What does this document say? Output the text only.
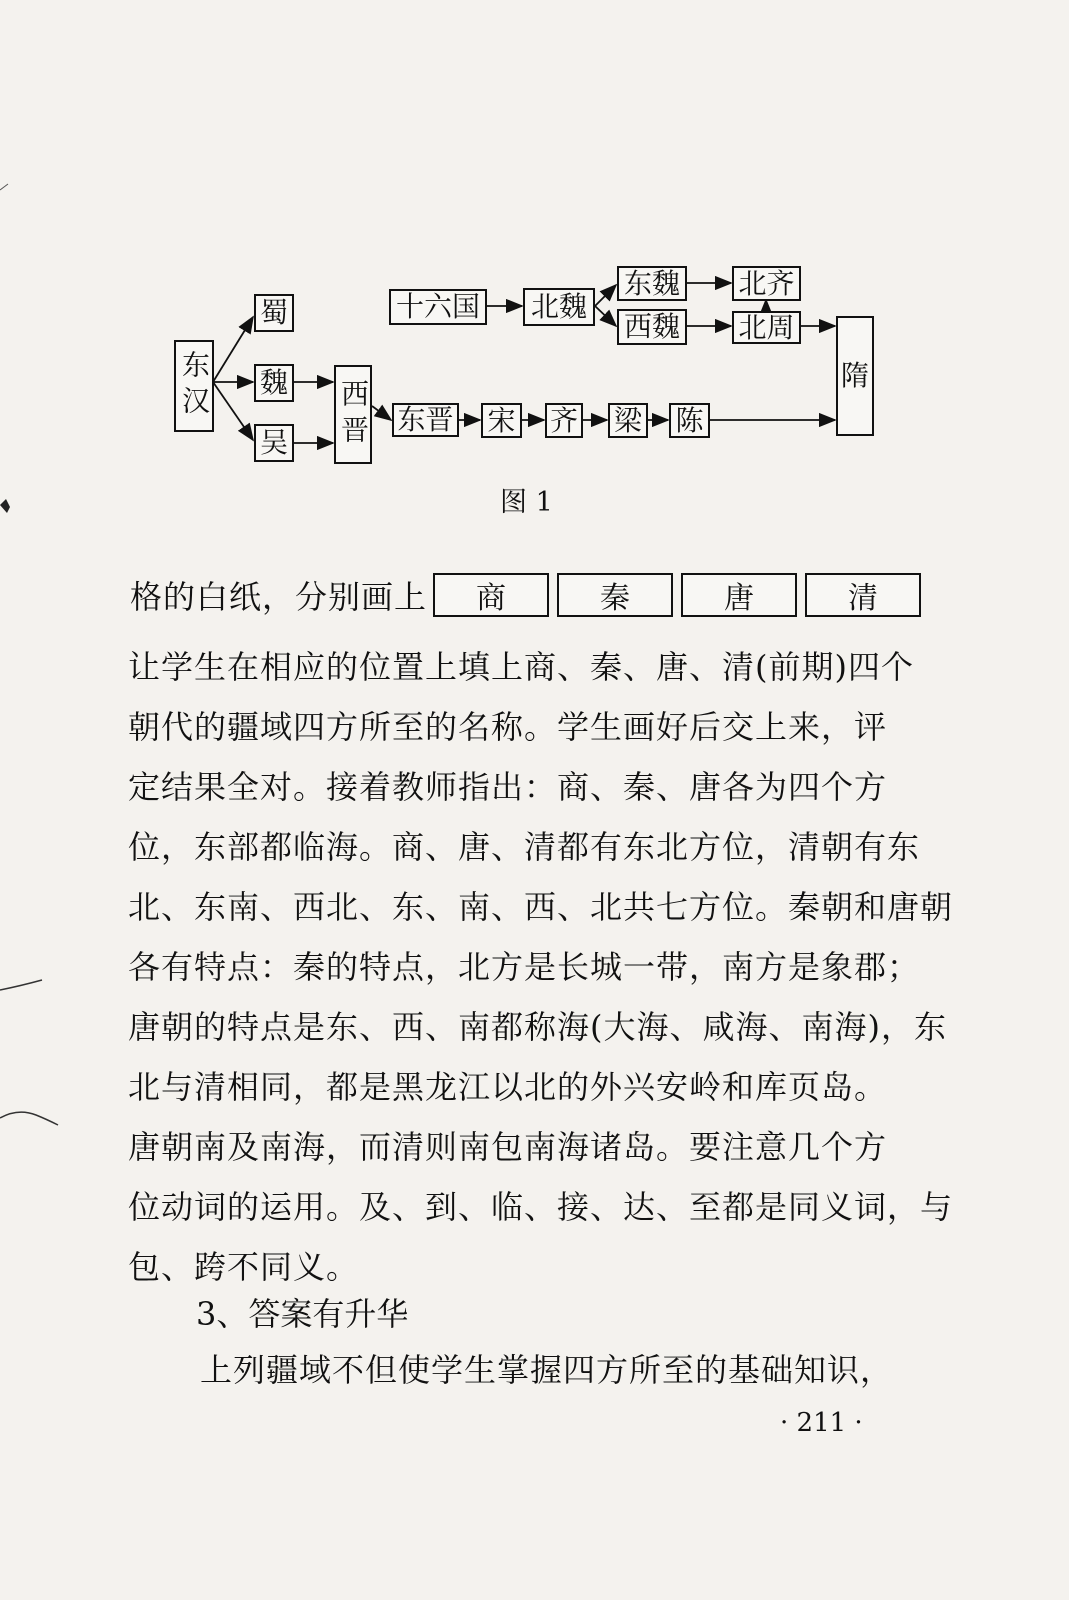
东汉
蜀
魏
吴 西晋
十六国 北魏
东魏
西魏
北齐
北周
东晋 宋 齐 梁 陈
隋
图 1
格的白纸，分别画上	商	秦	唐	清
让学生在相应的位置上填上商、秦、唐、清(前期)四个
朝代的疆域四方所至的名称。学生画好后交上来，评
定结果全对。接着教师指出：商、秦、唐各为四个方
位，东部都临海。商、唐、清都有东北方位，清朝有东
北、东南、西北、东、南、西、北共七方位。秦朝和唐朝
各有特点：秦的特点，北方是长城一带，南方是象郡；
唐朝的特点是东、西、南都称海(大海、咸海、南海)，东
北与清相同，都是黑龙江以北的外兴安岭和库页岛。
唐朝南及南海，而清则南包南海诸岛。要注意几个方
位动词的运用。及、到、临、接、达、至都是同义词，与
包、跨不同义。
3、答案有升华
上列疆域不但使学生掌握四方所至的基础知识，
· 211 ·
